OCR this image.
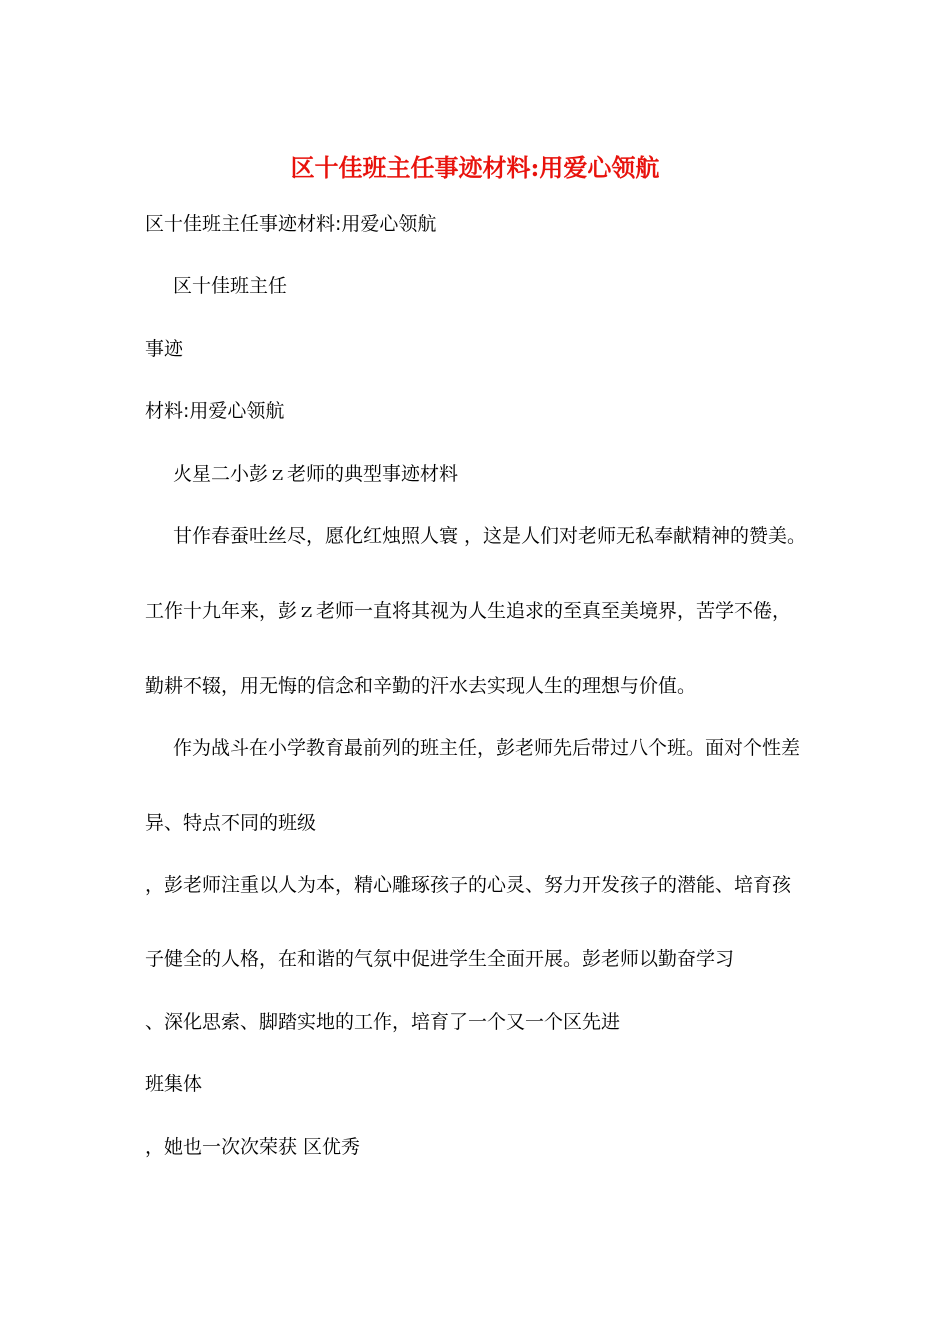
区十佳班主任事迹材料:用爱心领航
区十佳班主任事迹材料:用爱心领航
区十佳班主任
事迹
材料:用爱心领航
火星二小彭ｚ老师的典型事迹材料
甘作春蚕吐丝尽，愿化红烛照人寰 ，这是人们对老师无私奉献精神的赞美。
工作十九年来，彭ｚ老师一直将其视为人生追求的至真至美境界，苦学不倦，
勤耕不辍，用无悔的信念和辛勤的汗水去实现人生的理想与价值。
作为战斗在小学教育最前列的班主任，彭老师先后带过八个班。面对个性差
异、特点不同的班级
，彭老师注重以人为本，精心雕琢孩子的心灵、努力开发孩子的潜能、培育孩
子健全的人格，在和谐的气氛中促进学生全面开展。彭老师以勤奋学习
、深化思索、脚踏实地的工作，培育了一个又一个区先进
班集体
，她也一次次荣获 区优秀
